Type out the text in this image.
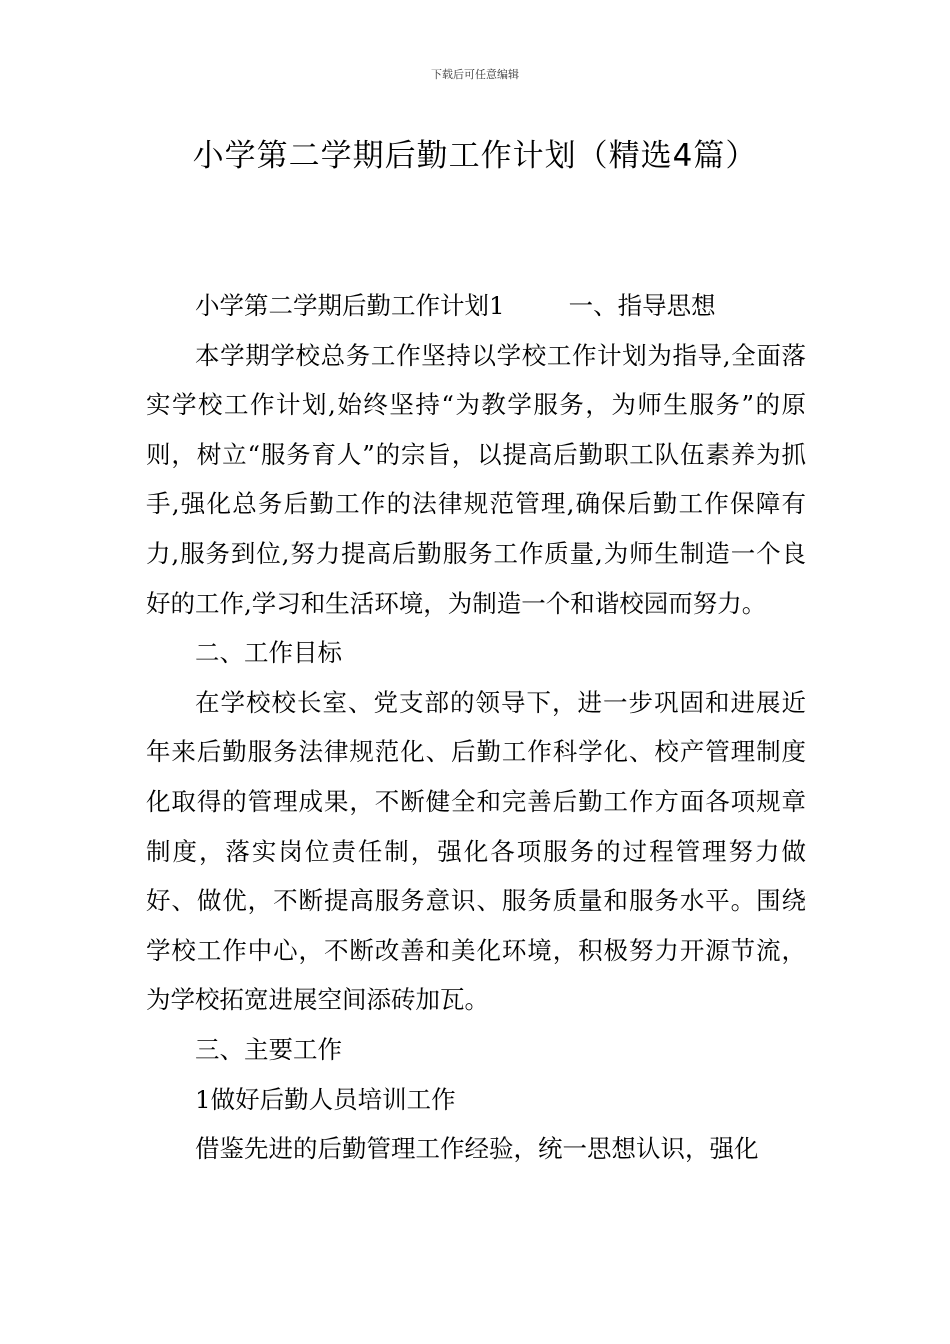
下载后可任意编辑
小学第二学期后勤工作计划（精选4篇）

小学第二学期后勤工作计划1	一、指导思想

本学期学校总务工作坚持以学校工作计划为指导,全面落实学校工作计划,始终坚持“为教学服务，为师生服务”的原则，树立“服务育人”的宗旨，以提高后勤职工队伍素养为抓手,强化总务后勤工作的法律规范管理,确保后勤工作保障有力,服务到位,努力提高后勤服务工作质量,为师生制造一个良好的工作,学习和生活环境，为制造一个和谐校园而努力。

二、工作目标

在学校校长室、党支部的领导下，进一步巩固和进展近年来后勤服务法律规范化、后勤工作科学化、校产管理制度化取得的管理成果，不断健全和完善后勤工作方面各项规章制度，落实岗位责任制，强化各项服务的过程管理努力做好、做优，不断提高服务意识、服务质量和服务水平。围绕学校工作中心，不断改善和美化环境，积极努力开源节流，为学校拓宽进展空间添砖加瓦。

三、主要工作

1做好后勤人员培训工作

借鉴先进的后勤管理工作经验，统一思想认识，强化
